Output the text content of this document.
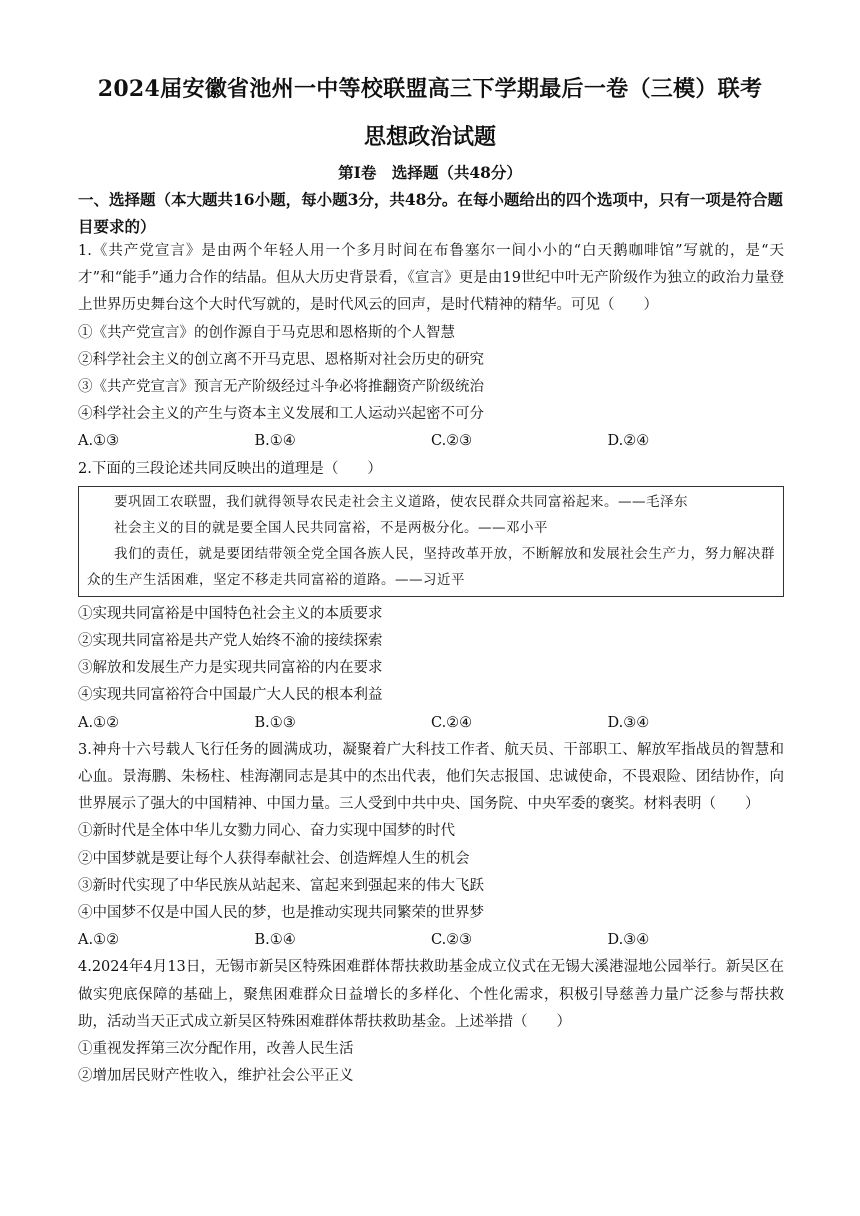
2024届安徽省池州一中等校联盟高三下学期最后一卷（三模）联考
思想政治试题
第Ⅰ卷　选择题（共48分）
一、选择题（本大题共16小题，每小题3分，共48分。在每小题给出的四个选项中，只有一项是符合题目要求的）

1.《共产党宣言》是由两个年轻人用一个多月时间在布鲁塞尔一间小小的“白天鹅咖啡馆”写就的，是“天才”和“能手”通力合作的结晶。但从大历史背景看，《宣言》更是由19世纪中叶无产阶级作为独立的政治力量登上世界历史舞台这个大时代写就的，是时代风云的回声，是时代精神的精华。可见（　　）

①《共产党宣言》的创作源自于马克思和恩格斯的个人智慧

②科学社会主义的创立离不开马克思、恩格斯对社会历史的研究

③《共产党宣言》预言无产阶级经过斗争必将推翻资产阶级统治

④科学社会主义的产生与资本主义发展和工人运动兴起密不可分

A.①③	B.①④	C.②③	D.②④

2.下面的三段论述共同反映出的道理是（　　）

要巩固工农联盟，我们就得领导农民走社会主义道路，使农民群众共同富裕起来。——毛泽东

社会主义的目的就是要全国人民共同富裕，不是两极分化。——邓小平

我们的责任，就是要团结带领全党全国各族人民，坚持改革开放，不断解放和发展社会生产力，努力解决群众的生产生活困难，坚定不移走共同富裕的道路。——习近平

①实现共同富裕是中国特色社会主义的本质要求

②实现共同富裕是共产党人始终不渝的接续探索

③解放和发展生产力是实现共同富裕的内在要求

④实现共同富裕符合中国最广大人民的根本利益

A.①②	B.①③	C.②④	D.③④

3.神舟十六号载人飞行任务的圆满成功，凝聚着广大科技工作者、航天员、干部职工、解放军指战员的智慧和心血。景海鹏、朱杨柱、桂海潮同志是其中的杰出代表，他们矢志报国、忠诚使命，不畏艰险、团结协作，向世界展示了强大的中国精神、中国力量。三人受到中共中央、国务院、中央军委的褒奖。材料表明（　　）

①新时代是全体中华儿女勠力同心、奋力实现中国梦的时代

②中国梦就是要让每个人获得奉献社会、创造辉煌人生的机会

③新时代实现了中华民族从站起来、富起来到强起来的伟大飞跃

④中国梦不仅是中国人民的梦，也是推动实现共同繁荣的世界梦

A.①②	B.①④	C.②③	D.③④

4.2024年4月13日，无锡市新吴区特殊困难群体帮扶救助基金成立仪式在无锡大溪港湿地公园举行。新吴区在做实兜底保障的基础上，聚焦困难群众日益增长的多样化、个性化需求，积极引导慈善力量广泛参与帮扶救助，活动当天正式成立新吴区特殊困难群体帮扶救助基金。上述举措（　　）

①重视发挥第三次分配作用，改善人民生活

②增加居民财产性收入，维护社会公平正义
